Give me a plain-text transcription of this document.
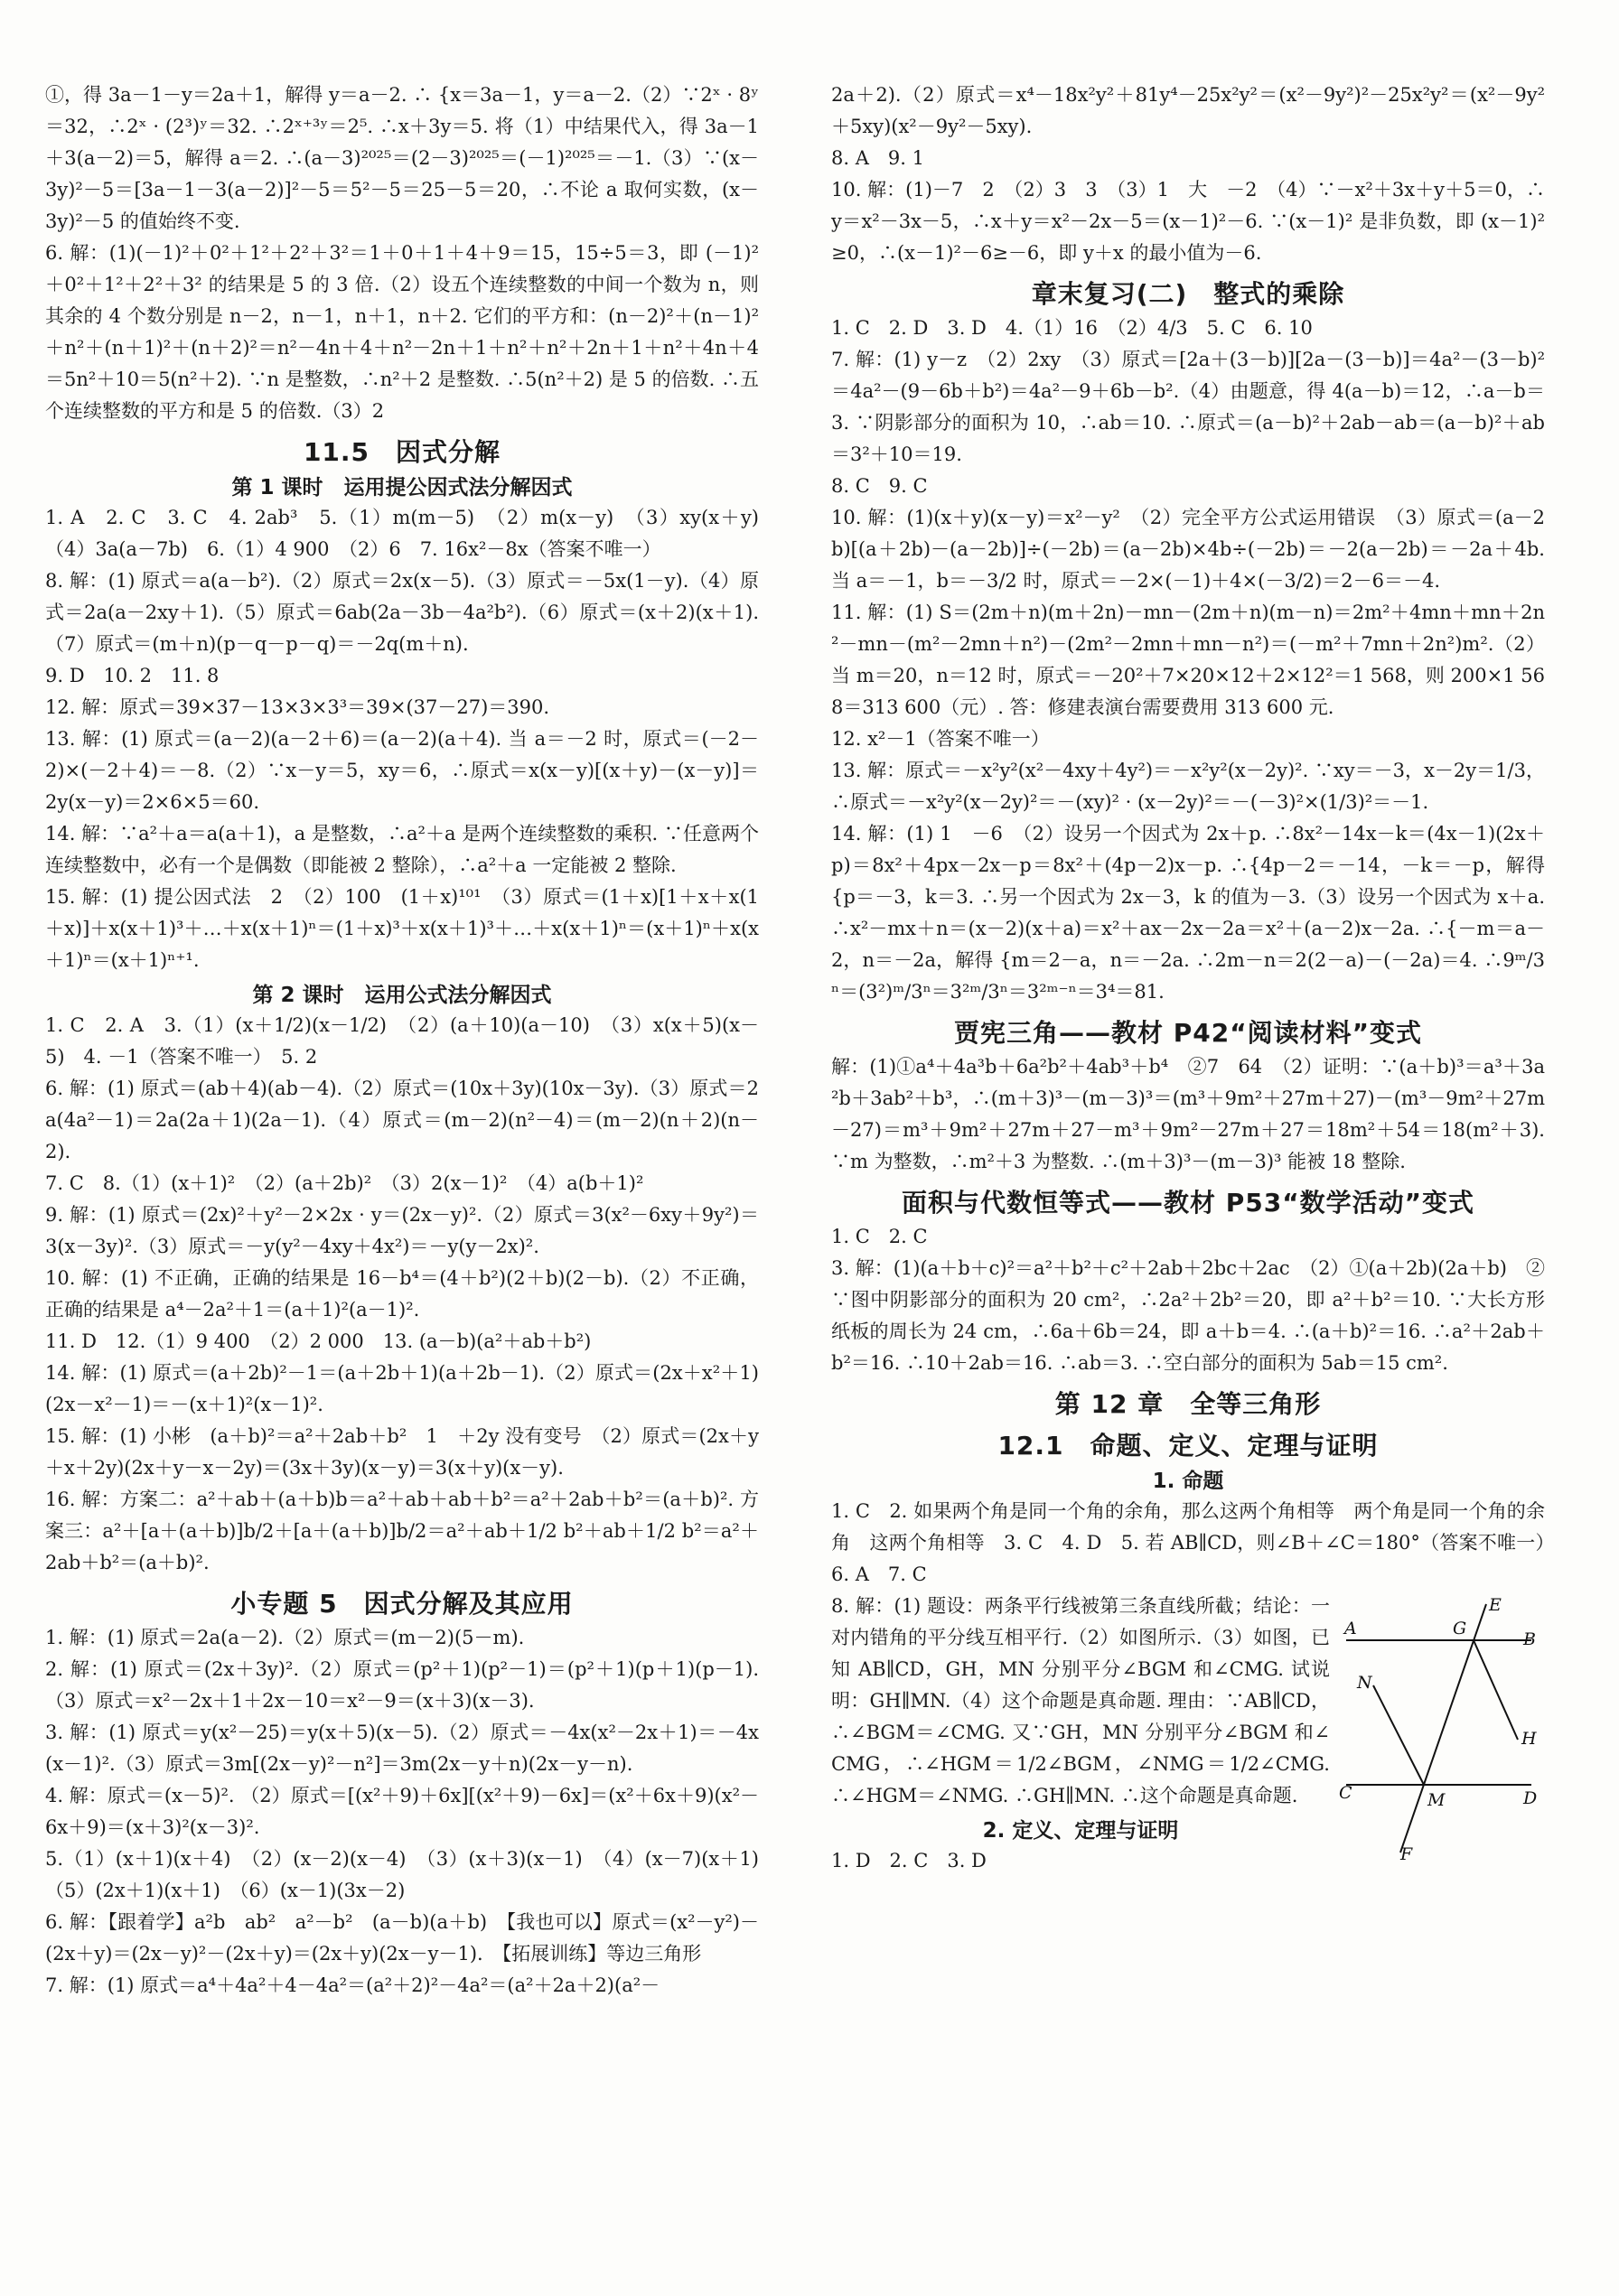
①，得 3a－1－y＝2a＋1，解得 y＝a－2. ∴ {x＝3a－1，y＝a－2.（2）∵2ˣ · 8ʸ＝32，∴2ˣ · (2³)ʸ＝32. ∴2ˣ⁺³ʸ＝2⁵. ∴x＋3y＝5. 将（1）中结果代入，得 3a－1＋3(a－2)＝5，解得 a＝2. ∴(a－3)²⁰²⁵＝(2－3)²⁰²⁵＝(－1)²⁰²⁵＝－1.（3）∵(x－3y)²－5＝[3a－1－3(a－2)]²－5＝5²－5＝25－5＝20，∴不论 a 取何实数，(x－3y)²－5 的值始终不变.

6. 解：(1)(－1)²＋0²＋1²＋2²＋3²＝1＋0＋1＋4＋9＝15，15÷5＝3，即 (－1)²＋0²＋1²＋2²＋3² 的结果是 5 的 3 倍.（2）设五个连续整数的中间一个数为 n，则其余的 4 个数分别是 n－2，n－1，n＋1，n＋2. 它们的平方和：(n－2)²＋(n－1)²＋n²＋(n＋1)²＋(n＋2)²＝n²－4n＋4＋n²－2n＋1＋n²＋n²＋2n＋1＋n²＋4n＋4＝5n²＋10＝5(n²＋2). ∵n 是整数，∴n²＋2 是整数. ∴5(n²＋2) 是 5 的倍数. ∴五个连续整数的平方和是 5 的倍数.（3）2

11.5　因式分解
第 1 课时　运用提公因式法分解因式

1. A　2. C　3. C　4. 2ab³　5.（1）m(m－5)　（2）m(x－y)　（3）xy(x＋y)　（4）3a(a－7b)　6.（1）4 900　（2）6　7. 16x²－8x（答案不唯一）

8. 解：(1) 原式＝a(a－b²).（2）原式＝2x(x－5).（3）原式＝－5x(1－y).（4）原式＝2a(a－2xy＋1).（5）原式＝6ab(2a－3b－4a²b²).（6）原式＝(x＋2)(x＋1).（7）原式＝(m＋n)(p－q－p－q)＝－2q(m＋n).

9. D　10. 2　11. 8

12. 解：原式＝39×37－13×3×3³＝39×(37－27)＝390.

13. 解：(1) 原式＝(a－2)(a－2＋6)＝(a－2)(a＋4). 当 a＝－2 时，原式＝(－2－2)×(－2＋4)＝－8.（2）∵x－y＝5，xy＝6，∴原式＝x(x－y)[(x＋y)－(x－y)]＝2y(x－y)＝2×6×5＝60.

14. 解：∵a²＋a＝a(a＋1)，a 是整数，∴a²＋a 是两个连续整数的乘积. ∵任意两个连续整数中，必有一个是偶数（即能被 2 整除），∴a²＋a 一定能被 2 整除.

15. 解：(1) 提公因式法　2　（2）100　(1＋x)¹⁰¹　（3）原式＝(1＋x)[1＋x＋x(1＋x)]＋x(x＋1)³＋…＋x(x＋1)ⁿ＝(1＋x)³＋x(x＋1)³＋…＋x(x＋1)ⁿ＝(x＋1)ⁿ＋x(x＋1)ⁿ＝(x＋1)ⁿ⁺¹.

第 2 课时　运用公式法分解因式

1. C　2. A　3.（1）(x＋1/2)(x－1/2)　（2）(a＋10)(a－10)　（3）x(x＋5)(x－5)　4. －1（答案不唯一）　5. 2

6. 解：(1) 原式＝(ab＋4)(ab－4).（2）原式＝(10x＋3y)(10x－3y).（3）原式＝2a(4a²－1)＝2a(2a＋1)(2a－1).（4）原式＝(m－2)(n²－4)＝(m－2)(n＋2)(n－2).

7. C　8.（1）(x＋1)²　（2）(a＋2b)²　（3）2(x－1)²　（4）a(b＋1)²

9. 解：(1) 原式＝(2x)²＋y²－2×2x · y＝(2x－y)².（2）原式＝3(x²－6xy＋9y²)＝3(x－3y)².（3）原式＝－y(y²－4xy＋4x²)＝－y(y－2x)².

10. 解：(1) 不正确，正确的结果是 16－b⁴＝(4＋b²)(2＋b)(2－b).（2）不正确，正确的结果是 a⁴－2a²＋1＝(a＋1)²(a－1)².

11. D　12.（1）9 400　（2）2 000　13. (a－b)(a²＋ab＋b²)

14. 解：(1) 原式＝(a＋2b)²－1＝(a＋2b＋1)(a＋2b－1).（2）原式＝(2x＋x²＋1)(2x－x²－1)＝－(x＋1)²(x－1)².

15. 解：(1) 小彬　(a＋b)²＝a²＋2ab＋b²　1　＋2y 没有变号　（2）原式＝(2x＋y＋x＋2y)(2x＋y－x－2y)＝(3x＋3y)(x－y)＝3(x＋y)(x－y).

16. 解：方案二：a²＋ab＋(a＋b)b＝a²＋ab＋ab＋b²＝a²＋2ab＋b²＝(a＋b)². 方案三：a²＋[a＋(a＋b)]b/2＋[a＋(a＋b)]b/2＝a²＋ab＋1/2 b²＋ab＋1/2 b²＝a²＋2ab＋b²＝(a＋b)².

小专题 5　因式分解及其应用

1. 解：(1) 原式＝2a(a－2).（2）原式＝(m－2)(5－m).

2. 解：(1) 原式＝(2x＋3y)².（2）原式＝(p²＋1)(p²－1)＝(p²＋1)(p＋1)(p－1).（3）原式＝x²－2x＋1＋2x－10＝x²－9＝(x＋3)(x－3).

3. 解：(1) 原式＝y(x²－25)＝y(x＋5)(x－5).（2）原式＝－4x(x²－2x＋1)＝－4x(x－1)².（3）原式＝3m[(2x－y)²－n²]＝3m(2x－y＋n)(2x－y－n).

4. 解：原式＝(x－5)². （2）原式＝[(x²＋9)＋6x][(x²＋9)－6x]＝(x²＋6x＋9)(x²－6x＋9)＝(x＋3)²(x－3)².

5.（1）(x＋1)(x＋4)　（2）(x－2)(x－4)　（3）(x＋3)(x－1)　（4）(x－7)(x＋1)　（5）(2x＋1)(x＋1)　（6）(x－1)(3x－2)

6. 解：【跟着学】a²b　ab²　a²－b²　(a－b)(a＋b)　【我也可以】原式＝(x²－y²)－(2x＋y)＝(2x－y)²－(2x＋y)＝(2x＋y)(2x－y－1).　【拓展训练】等边三角形

7. 解：(1) 原式＝a⁴＋4a²＋4－4a²＝(a²＋2)²－4a²＝(a²＋2a＋2)(a²－

2a＋2).（2）原式＝x⁴－18x²y²＋81y⁴－25x²y²＝(x²－9y²)²－25x²y²＝(x²－9y²＋5xy)(x²－9y²－5xy).

8. A　9. 1

10. 解：(1)－7　2　（2）3　3　（3）1　大　－2　（4）∵－x²＋3x＋y＋5＝0，∴y＝x²－3x－5，∴x＋y＝x²－2x－5＝(x－1)²－6. ∵(x－1)² 是非负数，即 (x－1)²≥0，∴(x－1)²－6≥－6，即 y＋x 的最小值为－6.

章末复习(二)　整式的乘除

1. C　2. D　3. D　4.（1）16　（2）4/3　5. C　6. 10

7. 解：(1) y－z　（2）2xy　（3）原式＝[2a＋(3－b)][2a－(3－b)]＝4a²－(3－b)²＝4a²－(9－6b＋b²)＝4a²－9＋6b－b².（4）由题意，得 4(a－b)＝12，∴a－b＝3. ∵阴影部分的面积为 10，∴ab＝10. ∴原式＝(a－b)²＋2ab－ab＝(a－b)²＋ab＝3²＋10＝19.

8. C　9. C

10. 解：(1)(x＋y)(x－y)＝x²－y²　（2）完全平方公式运用错误　（3）原式＝(a－2b)[(a＋2b)－(a－2b)]÷(－2b)＝(a－2b)×4b÷(－2b)＝－2(a－2b)＝－2a＋4b. 当 a＝－1，b＝－3/2 时，原式＝－2×(－1)＋4×(－3/2)＝2－6＝－4.

11. 解：(1) S＝(2m＋n)(m＋2n)－mn－(2m＋n)(m－n)＝2m²＋4mn＋mn＋2n²－mn－(m²－2mn＋n²)－(2m²－2mn＋mn－n²)＝(－m²＋7mn＋2n²)m².（2）当 m＝20，n＝12 时，原式＝－20²＋7×20×12＋2×12²＝1 568，则 200×1 568＝313 600（元）. 答：修建表演台需要费用 313 600 元.

12. x²－1（答案不唯一）

13. 解：原式＝－x²y²(x²－4xy＋4y²)＝－x²y²(x－2y)². ∵xy＝－3，x－2y＝1/3，∴原式＝－x²y²(x－2y)²＝－(xy)² · (x－2y)²＝－(－3)²×(1/3)²＝－1.

14. 解：(1) 1　－6　（2）设另一个因式为 2x＋p. ∴8x²－14x－k＝(4x－1)(2x＋p)＝8x²＋4px－2x－p＝8x²＋(4p－2)x－p. ∴{4p－2＝－14，－k＝－p，解得 {p＝－3，k＝3. ∴另一个因式为 2x－3，k 的值为－3.（3）设另一个因式为 x＋a. ∴x²－mx＋n＝(x－2)(x＋a)＝x²＋ax－2x－2a＝x²＋(a－2)x－2a. ∴{－m＝a－2，n＝－2a，解得 {m＝2－a，n＝－2a. ∴2m－n＝2(2－a)－(－2a)＝4. ∴9ᵐ/3ⁿ＝(3²)ᵐ/3ⁿ＝3²ᵐ/3ⁿ＝3²ᵐ⁻ⁿ＝3⁴＝81.

贾宪三角——教材 P42“阅读材料”变式

解：(1)①a⁴＋4a³b＋6a²b²＋4ab³＋b⁴　②7　64　（2）证明：∵(a＋b)³＝a³＋3a²b＋3ab²＋b³，∴(m＋3)³－(m－3)³＝(m³＋9m²＋27m＋27)－(m³－9m²＋27m－27)＝m³＋9m²＋27m＋27－m³＋9m²－27m＋27＝18m²＋54＝18(m²＋3). ∵m 为整数，∴m²＋3 为整数. ∴(m＋3)³－(m－3)³ 能被 18 整除.

面积与代数恒等式——教材 P53“数学活动”变式

1. C　2. C

3. 解：(1)(a＋b＋c)²＝a²＋b²＋c²＋2ab＋2bc＋2ac　（2）①(a＋2b)(2a＋b)　②∵图中阴影部分的面积为 20 cm²，∴2a²＋2b²＝20，即 a²＋b²＝10. ∵大长方形纸板的周长为 24 cm，∴6a＋6b＝24，即 a＋b＝4. ∴(a＋b)²＝16. ∴a²＋2ab＋b²＝16. ∴10＋2ab＝16. ∴ab＝3. ∴空白部分的面积为 5ab＝15 cm².

第 12 章　全等三角形
12.1　命题、定义、定理与证明
1. 命题

1. C　2. 如果两个角是同一个角的余角，那么这两个角相等　两个角是同一个角的余角　这两个角相等　3. C　4. D　5. 若 AB∥CD，则∠B＋∠C＝180°（答案不唯一）　6. A　7. C

A	G
E
B
N
H
C	M	D
F
8. 解：(1) 题设：两条平行线被第三条直线所截；结论：一对内错角的平分线互相平行.（2）如图所示.（3）如图，已知 AB∥CD，GH，MN 分别平分∠BGM 和∠CMG. 试说明：GH∥MN.（4）这个命题是真命题. 理由：∵AB∥CD，∴∠BGM＝∠CMG. 又∵GH，MN 分别平分∠BGM 和∠CMG，∴∠HGM＝1/2∠BGM，∠NMG＝1/2∠CMG. ∴∠HGM＝∠NMG. ∴GH∥MN. ∴这个命题是真命题.

2. 定义、定理与证明

1. D　2. C　3. D
